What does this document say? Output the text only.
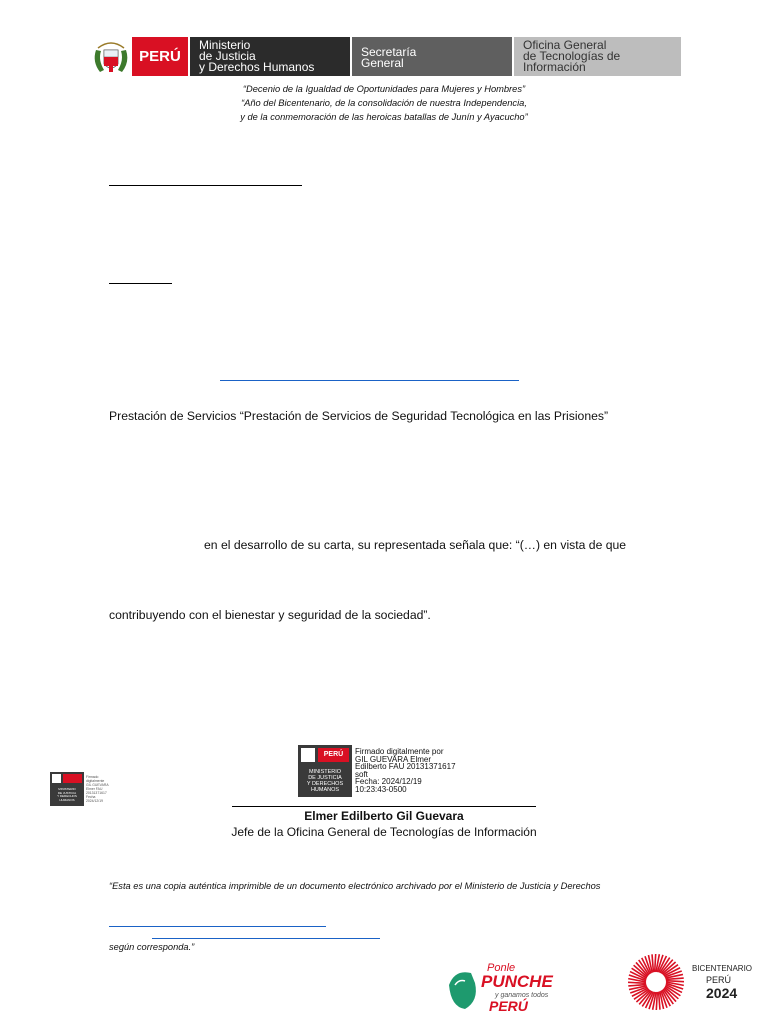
PERÚ
Ministerio
de Justicia
y Derechos Humanos
Secretaría
General
Oficina General
de Tecnologías de
Información
“Decenio de la Igualdad de Oportunidades para Mujeres y Hombres”
“Año del Bicentenario, de la consolidación de nuestra Independencia,
y de la conmemoración de las heroicas batallas de Junín y Ayacucho”
Prestación de Servicios “Prestación de Servicios de Seguridad Tecnológica en las Prisiones”
en el desarrollo de su carta, su representada señala que: “(…) en vista de que
contribuyendo con el bienestar y seguridad de la sociedad”.
PERÚ
MINISTERIO
DE JUSTICIA
Y DERECHOS
HUMANOS
Firmado digitalmente por
GIL GUEVARA Elmer
Edilberto FAU 20131371617
soft
Fecha: 2024/12/19
10:23:43-0500
MINISTERIO
DE JUSTICIA
Y DERECHOS
HUMANOS
Firmado
digitalmente
GIL GUEVARA
Elmer FAU
20131371617
Fecha
2024/12/19
Elmer Edilberto Gil Guevara
Jefe de la Oficina General de Tecnologías de Información
“Esta es una copia auténtica imprimible de un documento electrónico archivado por el Ministerio de Justicia y Derechos
según corresponda.”
Ponle
PUNCHE
y ganamos todos
PERÚ
BICENTENARIO
PERÚ
2024
